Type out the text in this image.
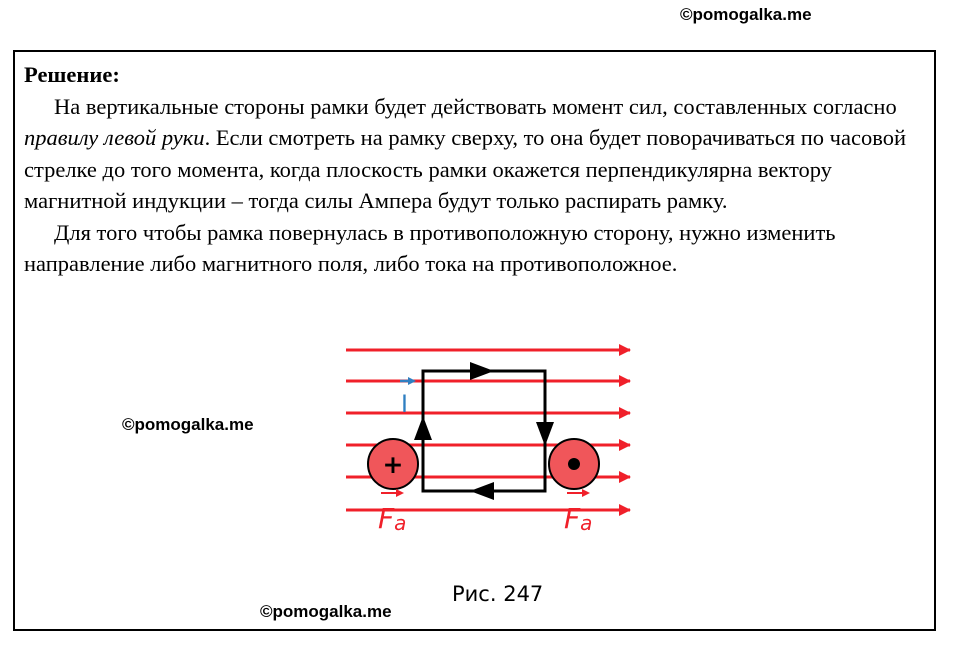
©pomogalka.me
Решение:
На вертикальные стороны рамки будет действовать момент сил, составленных согласно правилу левой руки. Если смотреть на рамку сверху, то она будет поворачиваться по часовой стрелке до того момента, когда плоскость рамки окажется перпендикулярна вектору магнитной индукции – тогда силы Ампера будут только распирать рамку.
Для того чтобы рамка повернулась в противоположную сторону, нужно изменить направление либо магнитного поля, либо тока на противоположное.
I
+
Fa	Fa
©pomogalka.me
Рис. 247
©pomogalka.me
